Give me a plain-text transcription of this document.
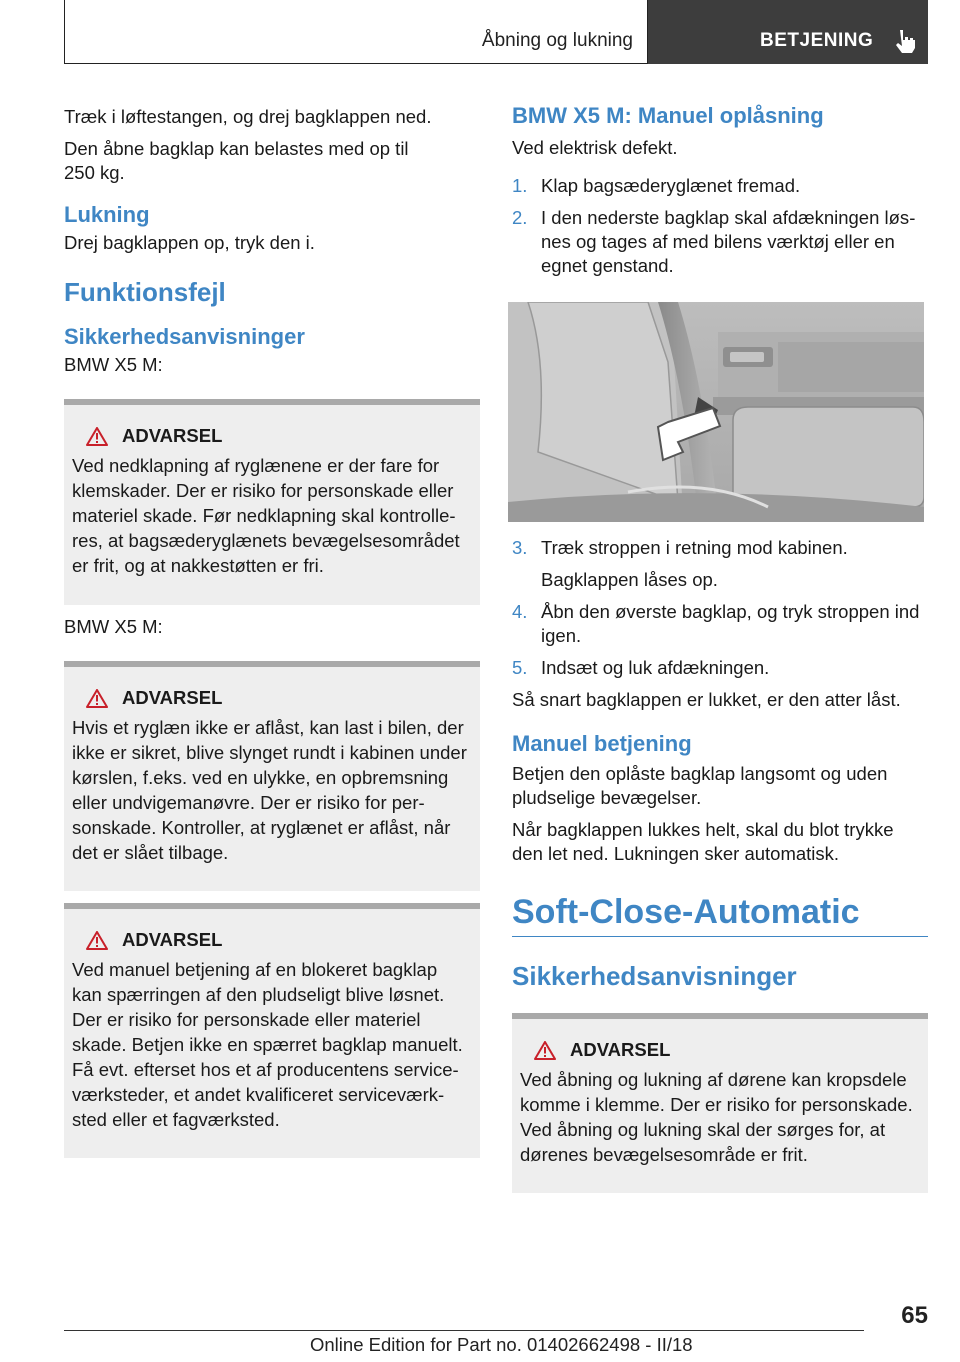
Åbning og lukning	BETJENING

Træk i løftestangen, og drej bagklappen ned.

Den åbne bagklap kan belastes med op til 250 kg.

Lukning

Drej bagklappen op, tryk den i.

Funktionsfejl
Sikkerhedsanvisninger

BMW X5 M:

ADVARSEL

Ved nedklapning af ryglænene er der fare for klemskader. Der er risiko for personskade eller materiel skade. Før nedklapning skal kontrolleres, at bagsæderyglænets bevægelsesområdet er frit, og at nakkestøtten er fri.

BMW X5 M:

ADVARSEL

Hvis et ryglæn ikke er aflåst, kan last i bilen, der ikke er sikret, blive slynget rundt i kabinen under kørslen, f.eks. ved en ulykke, en opbremsning eller undvigemanøvre. Der er risiko for personskade. Kontroller, at ryglænet er aflåst, når det er slået tilbage.

ADVARSEL

Ved manuel betjening af en blokeret bagklap kan spærringen af den pludseligt blive løsnet. Der er risiko for personskade eller materiel skade. Betjen ikke en spærret bagklap manuelt. Få evt. efterset hos et af producentens serviceværksteder, et andet kvalificeret serviceværksted eller et fagværksted.

BMW X5 M: Manuel oplåsning

Ved elektrisk defekt.

1. Klap bagsæderyglænet fremad.
2. I den nederste bagklap skal afdækningen løsnes og tages af med bilens værktøj eller en egnet genstand.
3. Træk stroppen i retning mod kabinen.

Bagklappen låses op.

4. Åbn den øverste bagklap, og tryk stroppen ind igen.
5. Indsæt og luk afdækningen.

Så snart bagklappen er lukket, er den atter låst.

Manuel betjening

Betjen den oplåste bagklap langsomt og uden pludselige bevægelser.

Når bagklappen lukkes helt, skal du blot trykke den let ned. Lukningen sker automatisk.

Soft-Close-Automatic
Sikkerhedsanvisninger
ADVARSEL

Ved åbning og lukning af dørene kan kropsdele komme i klemme. Der er risiko for personskade. Ved åbning og lukning skal der sørges for, at dørenes bevægelsesområde er frit.

65
Online Edition for Part no. 01402662498 - II/18
